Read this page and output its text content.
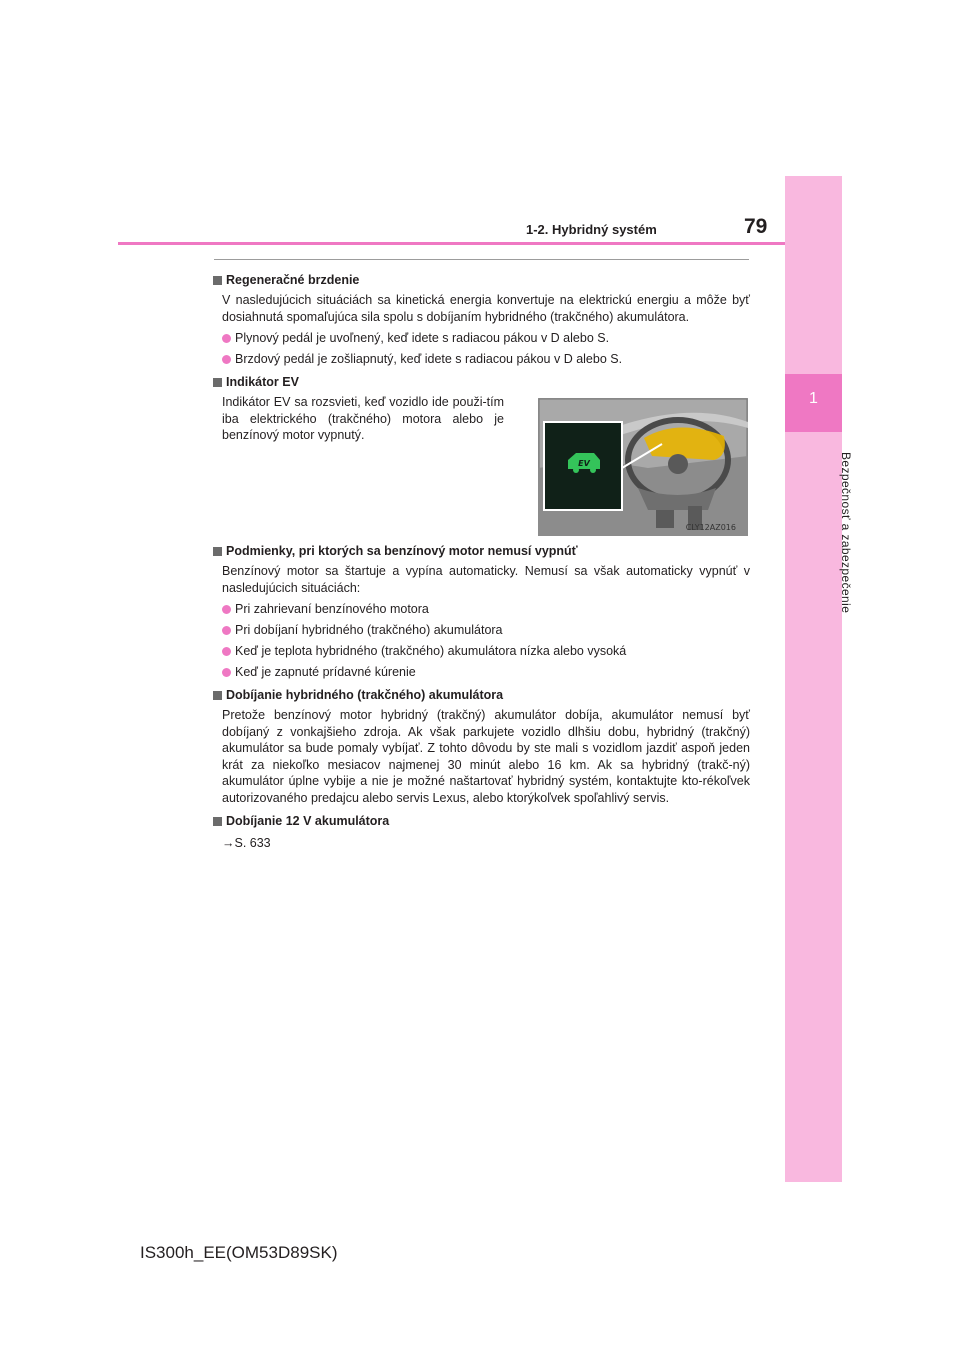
1
Bezpečnosť a zabezpečenie
1-2. Hybridný systém	79
Regeneračné brzdenie
V nasledujúcich situáciách sa kinetická energia konvertuje na elektrickú energiu a môže byť dosiahnutá spomaľujúca sila spolu s dobíjaním hybridného (trakčného) akumulátora.
Plynový pedál je uvoľnený, keď idete s radiacou pákou v D alebo S.
Brzdový pedál je zošliapnutý, keď idete s radiacou pákou v D alebo S.
Indikátor EV
Indikátor EV sa rozsvieti, keď vozidlo ide použi-tím iba elektrického (trakčného) motora alebo je benzínový motor vypnutý.
EV
CLY12AZ016
Podmienky, pri ktorých sa benzínový motor nemusí vypnúť
Benzínový motor sa štartuje a vypína automaticky. Nemusí sa však automaticky vypnúť v nasledujúcich situáciách:
Pri zahrievaní benzínového motora
Pri dobíjaní hybridného (trakčného) akumulátora
Keď je teplota hybridného (trakčného) akumulátora nízka alebo vysoká
Keď je zapnuté prídavné kúrenie
Dobíjanie hybridného (trakčného) akumulátora
Pretože benzínový motor hybridný (trakčný) akumulátor dobíja, akumulátor nemusí byť dobíjaný z vonkajšieho zdroja. Ak však parkujete vozidlo dlhšiu dobu, hybridný (trakčný) akumulátor sa bude pomaly vybíjať. Z tohto dôvodu by ste mali s vozidlom jazdiť aspoň jeden krát za niekoľko mesiacov najmenej 30 minút alebo 16 km. Ak sa hybridný (trakč-ný) akumulátor úplne vybije a nie je možné naštartovať hybridný systém, kontaktujte kto-rékoľvek autorizovaného predajcu alebo servis Lexus, alebo ktorýkoľvek spoľahlivý servis.
Dobíjanie 12 V akumulátora
→ S. 633
IS300h_EE(OM53D89SK)
